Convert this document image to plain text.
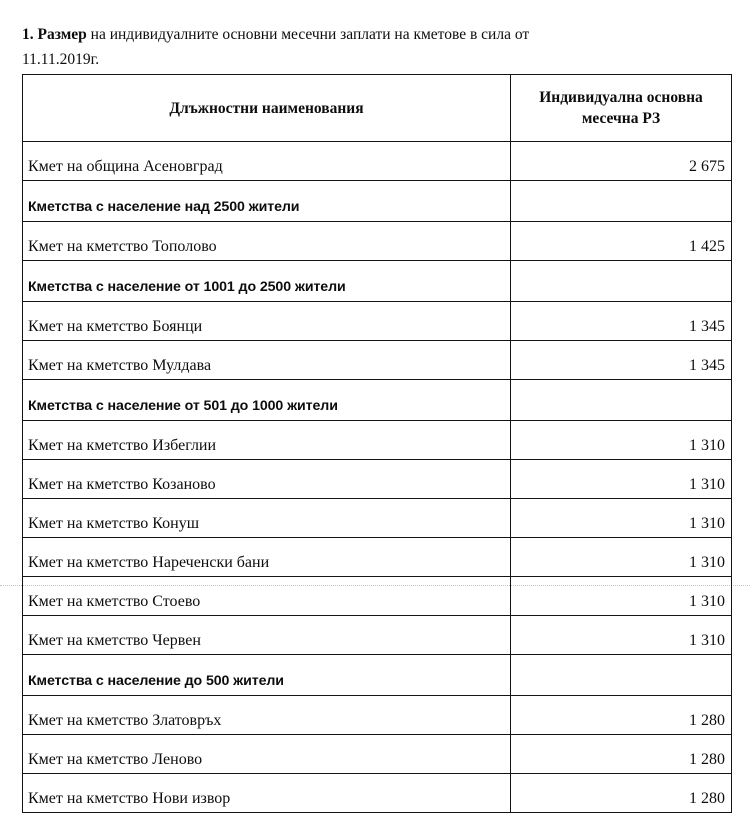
1. Размер на индивидуалните основни месечни заплати на кметове в сила от
11.11.2019г.

Длъжностни наименования	Индивидуална основна
месечна РЗ
Кмет на община Асеновград	2 675
Кметства с население над 2500 жители	
Кмет на кметство Тополово	1 425
Кметства с население от 1001 до 2500 жители	
Кмет на кметство Боянци	1 345
Кмет на кметство Мулдава	1 345
Кметства с население от 501 до 1000 жители	
Кмет на кметство Избеглии	1 310
Кмет на кметство Козаново	1 310
Кмет на кметство Конуш	1 310
Кмет на кметство Нареченски бани	1 310
Кмет на кметство Стоево	1 310
Кмет на кметство Червен	1 310
Кметства с население до 500 жители	
Кмет на кметство Златовръх	1 280
Кмет на кметство Леново	1 280
Кмет на кметство Нови извор	1 280
